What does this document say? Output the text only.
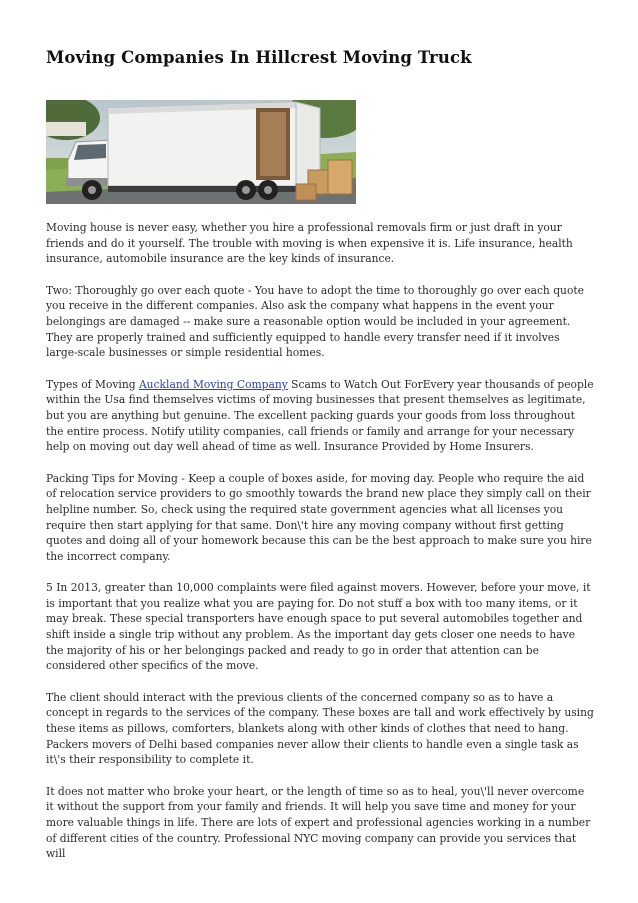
Moving Companies In Hillcrest Moving Truck

Moving house is never easy, whether you hire a professional removals firm or just draft in your friends and do it yourself. The trouble with moving is when expensive it is. Life insurance, health insurance, automobile insurance are the key kinds of insurance.

Two: Thoroughly go over each quote - You have to adopt the time to thoroughly go over each quote you receive in the different companies. Also ask the company what happens in the event your belongings are damaged -- make sure a reasonable option would be included in your agreement. They are properly trained and sufficiently equipped to handle every transfer need if it involves large-scale businesses or simple residential homes.

Types of Moving Auckland Moving Company Scams to Watch Out ForEvery year thousands of people within the Usa find themselves victims of moving businesses that present themselves as legitimate, but you are anything but genuine. The excellent packing guards your goods from loss throughout the entire process. Notify utility companies, call friends or family and arrange for your necessary help on moving out day well ahead of time as well. Insurance Provided by Home Insurers.

Packing Tips for Moving - Keep a couple of boxes aside, for moving day. People who require the aid of relocation service providers to go smoothly towards the brand new place they simply call on their helpline number. So, check using the required state government agencies what all licenses you require then start applying for that same. Don\'t hire any moving company without first getting quotes and doing all of your homework because this can be the best approach to make sure you hire the incorrect company.

5 In 2013, greater than 10,000 complaints were filed against movers. However, before your move, it is important that you realize what you are paying for. Do not stuff a box with too many items, or it may break. These special transporters have enough space to put several automobiles together and shift inside a single trip without any problem. As the important day gets closer one needs to have the majority of his or her belongings packed and ready to go in order that attention can be considered other specifics of the move.

The client should interact with the previous clients of the concerned company so as to have a concept in regards to the services of the company. These boxes are tall and work effectively by using these items as pillows, comforters, blankets along with other kinds of clothes that need to hang. Packers movers of Delhi based companies never allow their clients to handle even a single task as it\'s their responsibility to complete it.

It does not matter who broke your heart, or the length of time so as to heal, you\'ll never overcome it without the support from your family and friends. It will help you save time and money for your more valuable things in life. There are lots of expert and professional agencies working in a number of different cities of the country. Professional NYC moving company can provide you services that will
